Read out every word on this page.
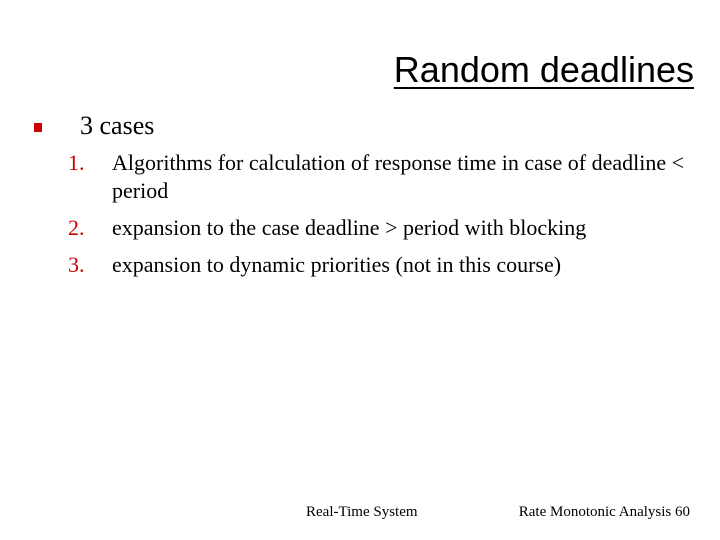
Random deadlines
3 cases
1. Algorithms for calculation of response time in case of deadline < period
2. expansion to the case deadline > period with blocking
3. expansion to dynamic priorities (not in this course)
Real-Time System	Rate Monotonic Analysis 60
